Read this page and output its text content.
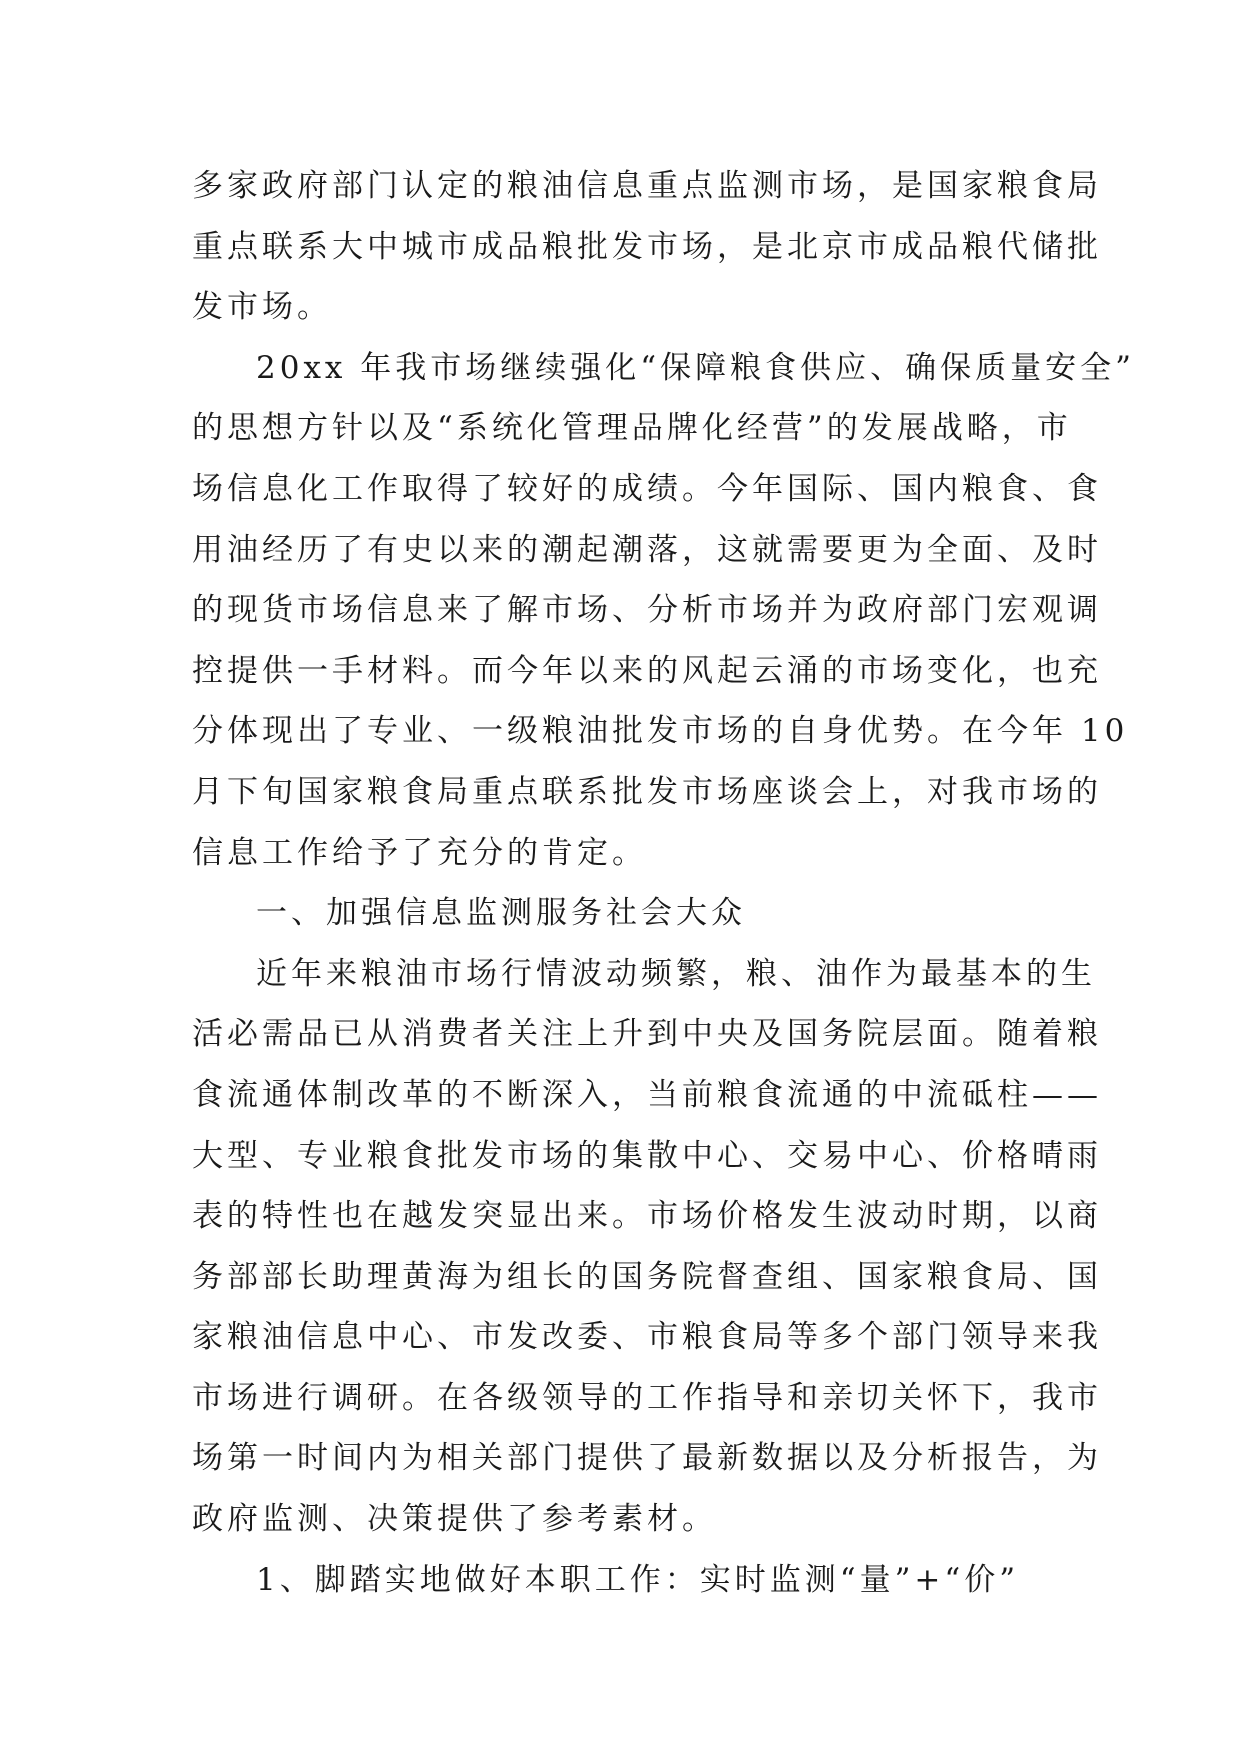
多家政府部门认定的粮油信息重点监测市场，是国家粮食局
重点联系大中城市成品粮批发市场，是北京市成品粮代储批
发市场。
20xx 年我市场继续强化“保障粮食供应、确保质量安全”
的思想方针以及“系统化管理品牌化经营”的发展战略，市
场信息化工作取得了较好的成绩。今年国际、国内粮食、食
用油经历了有史以来的潮起潮落，这就需要更为全面、及时
的现货市场信息来了解市场、分析市场并为政府部门宏观调
控提供一手材料。而今年以来的风起云涌的市场变化，也充
分体现出了专业、一级粮油批发市场的自身优势。在今年 10
月下旬国家粮食局重点联系批发市场座谈会上，对我市场的
信息工作给予了充分的肯定。
一、加强信息监测服务社会大众
近年来粮油市场行情波动频繁，粮、油作为最基本的生
活必需品已从消费者关注上升到中央及国务院层面。随着粮
食流通体制改革的不断深入，当前粮食流通的中流砥柱——
大型、专业粮食批发市场的集散中心、交易中心、价格晴雨
表的特性也在越发突显出来。市场价格发生波动时期，以商
务部部长助理黄海为组长的国务院督查组、国家粮食局、国
家粮油信息中心、市发改委、市粮食局等多个部门领导来我
市场进行调研。在各级领导的工作指导和亲切关怀下，我市
场第一时间内为相关部门提供了最新数据以及分析报告，为
政府监测、决策提供了参考素材。
1、脚踏实地做好本职工作：实时监测“量”+“价”
